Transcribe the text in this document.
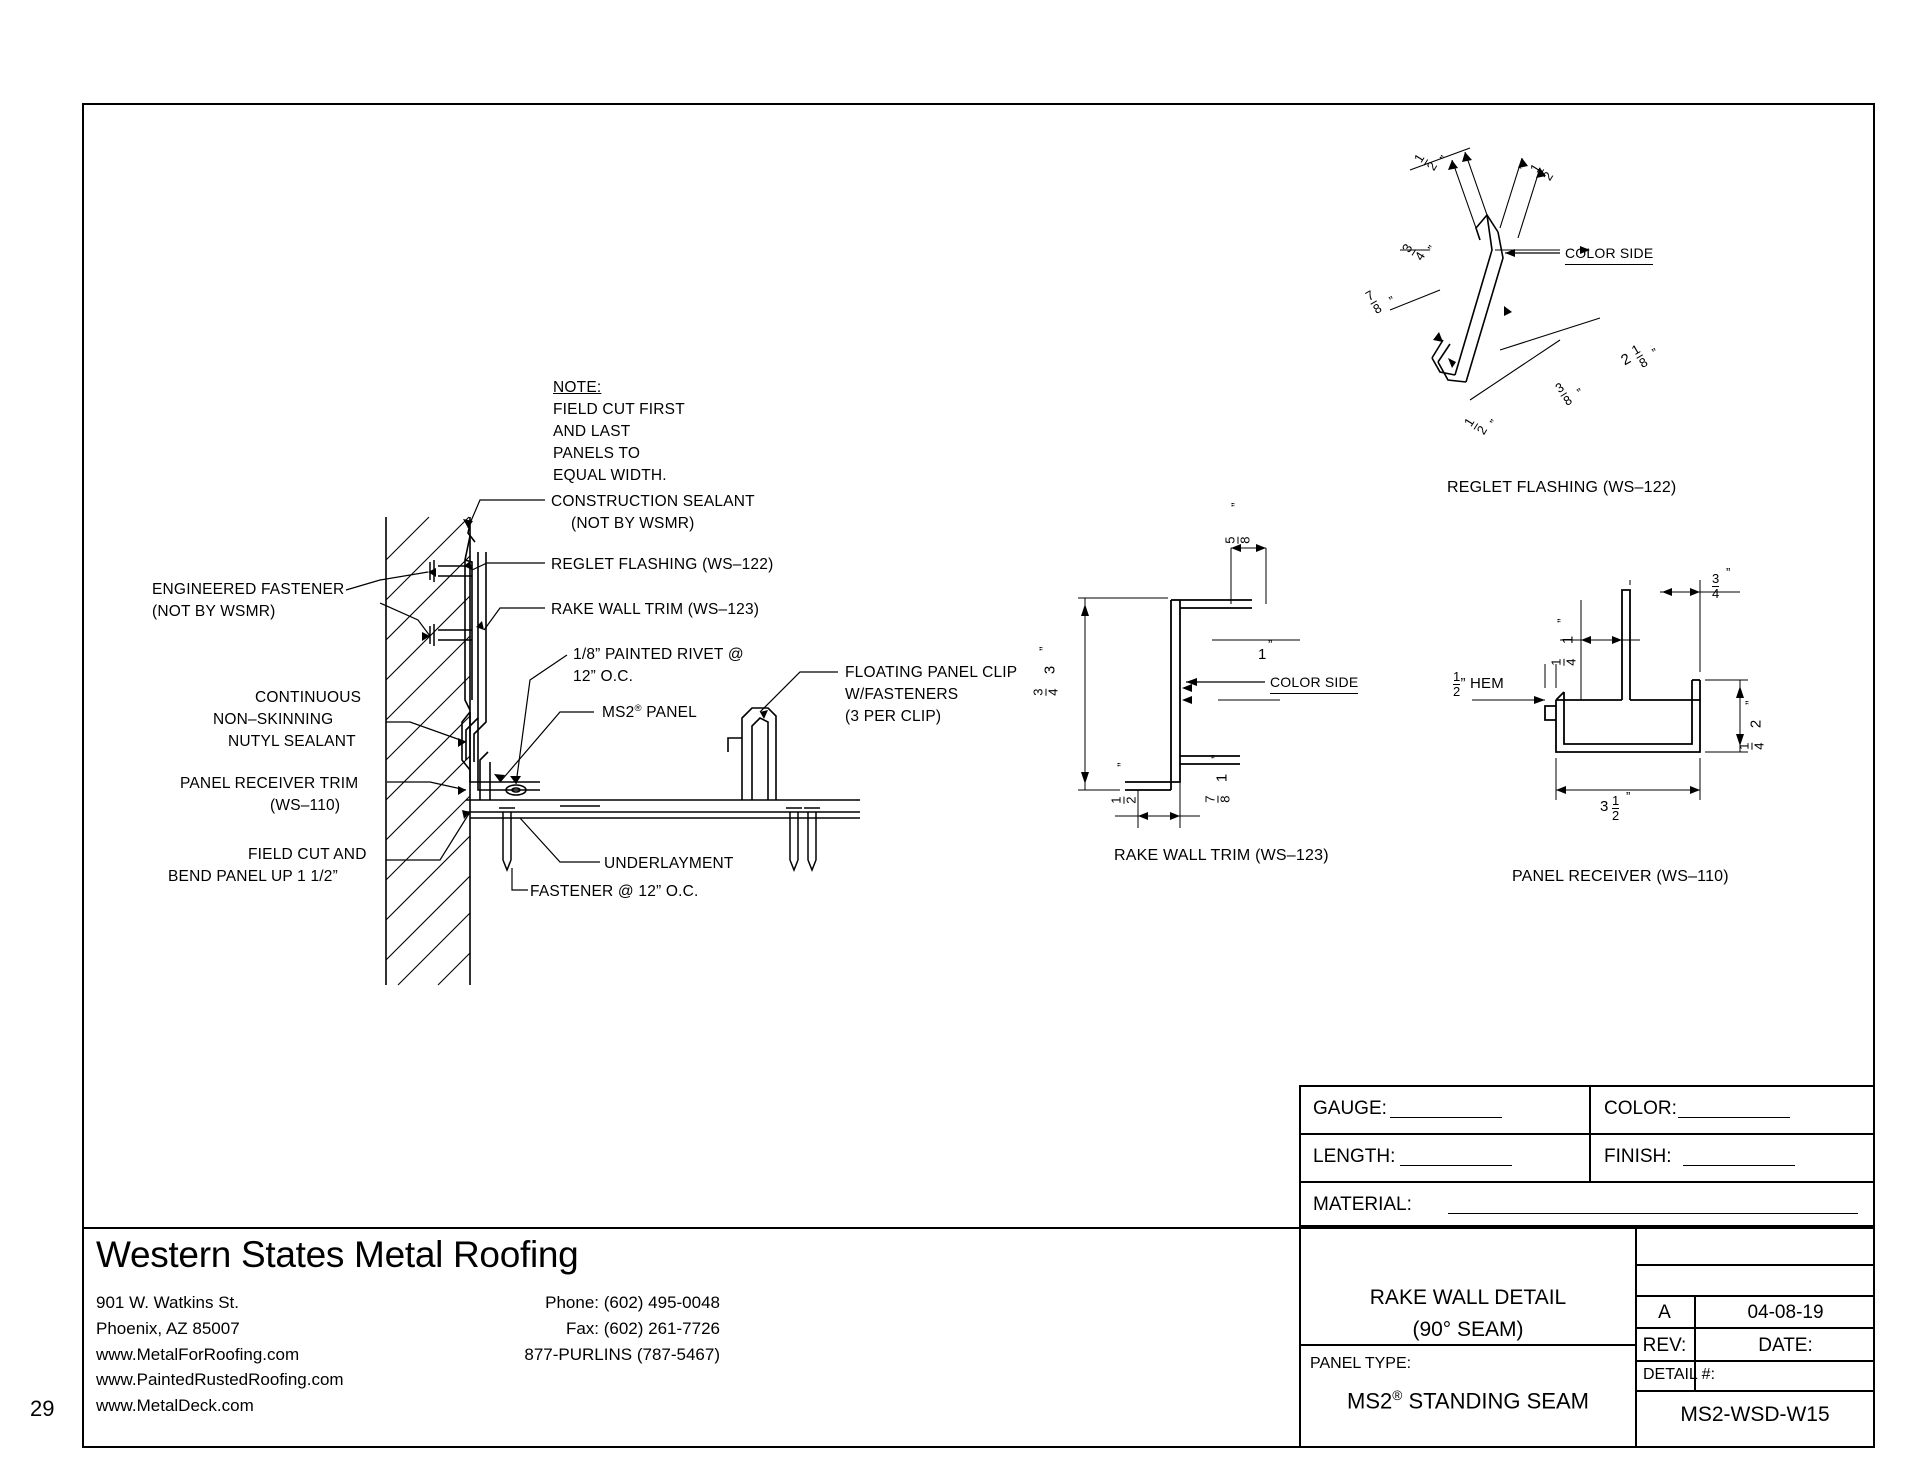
29
NOTE:
FIELD CUT FIRST
AND LAST
PANELS TO
EQUAL WIDTH.
CONSTRUCTION SEALANT
(NOT BY WSMR)
REGLET FLASHING (WS–122)
RAKE WALL TRIM (WS–123)
1/8” PAINTED RIVET @
12” O.C.
MS2® PANEL
ENGINEERED FASTENER
(NOT BY WSMR)
CONTINUOUS
NON–SKINNING
NUTYL SEALANT
PANEL RECEIVER TRIM
(WS–110)
FIELD CUT AND
BEND PANEL UP 1 1/2”
FASTENER @ 12” O.C.
UNDERLAYMENT
FLOATING PANEL CLIP
W/FASTENERS
(3 PER CLIP)

COLOR SIDE
1
2
”
1
2
”
3
4
”
7
8 ”
3
8 ”
2
1
8
”
1
2
”
REGLET FLASHING (WS–122)
COLOR SIDE
3
3 4
”
5 8
”
1
”
1
7 8
”
1 2
”
RAKE WALL TRIM (WS–123)
$\frac{1}{2}$ ” HEM
$\frac{3}{4}$ ”
1
1 4
”
2
1 4
”
$3 \frac{1}{2}$ ”
PANEL RECEIVER (WS–110)
GAUGE:	COLOR:
LENGTH:	FINISH:
MATERIAL:
RAKE WALL DETAIL
(90° SEAM)
PANEL TYPE:
MS2® STANDING SEAM
A	04-08-19
REV:	DATE:
DETAIL #:
MS2-WSD-W15
Western States Metal Roofing
901 W. Watkins St.
Phoenix, AZ 85007
www.MetalForRoofing.com
www.PaintedRustedRoofing.com
www.MetalDeck.com
Phone: (602) 495-0048
Fax: (602) 261-7726
877-PURLINS (787-5467)
